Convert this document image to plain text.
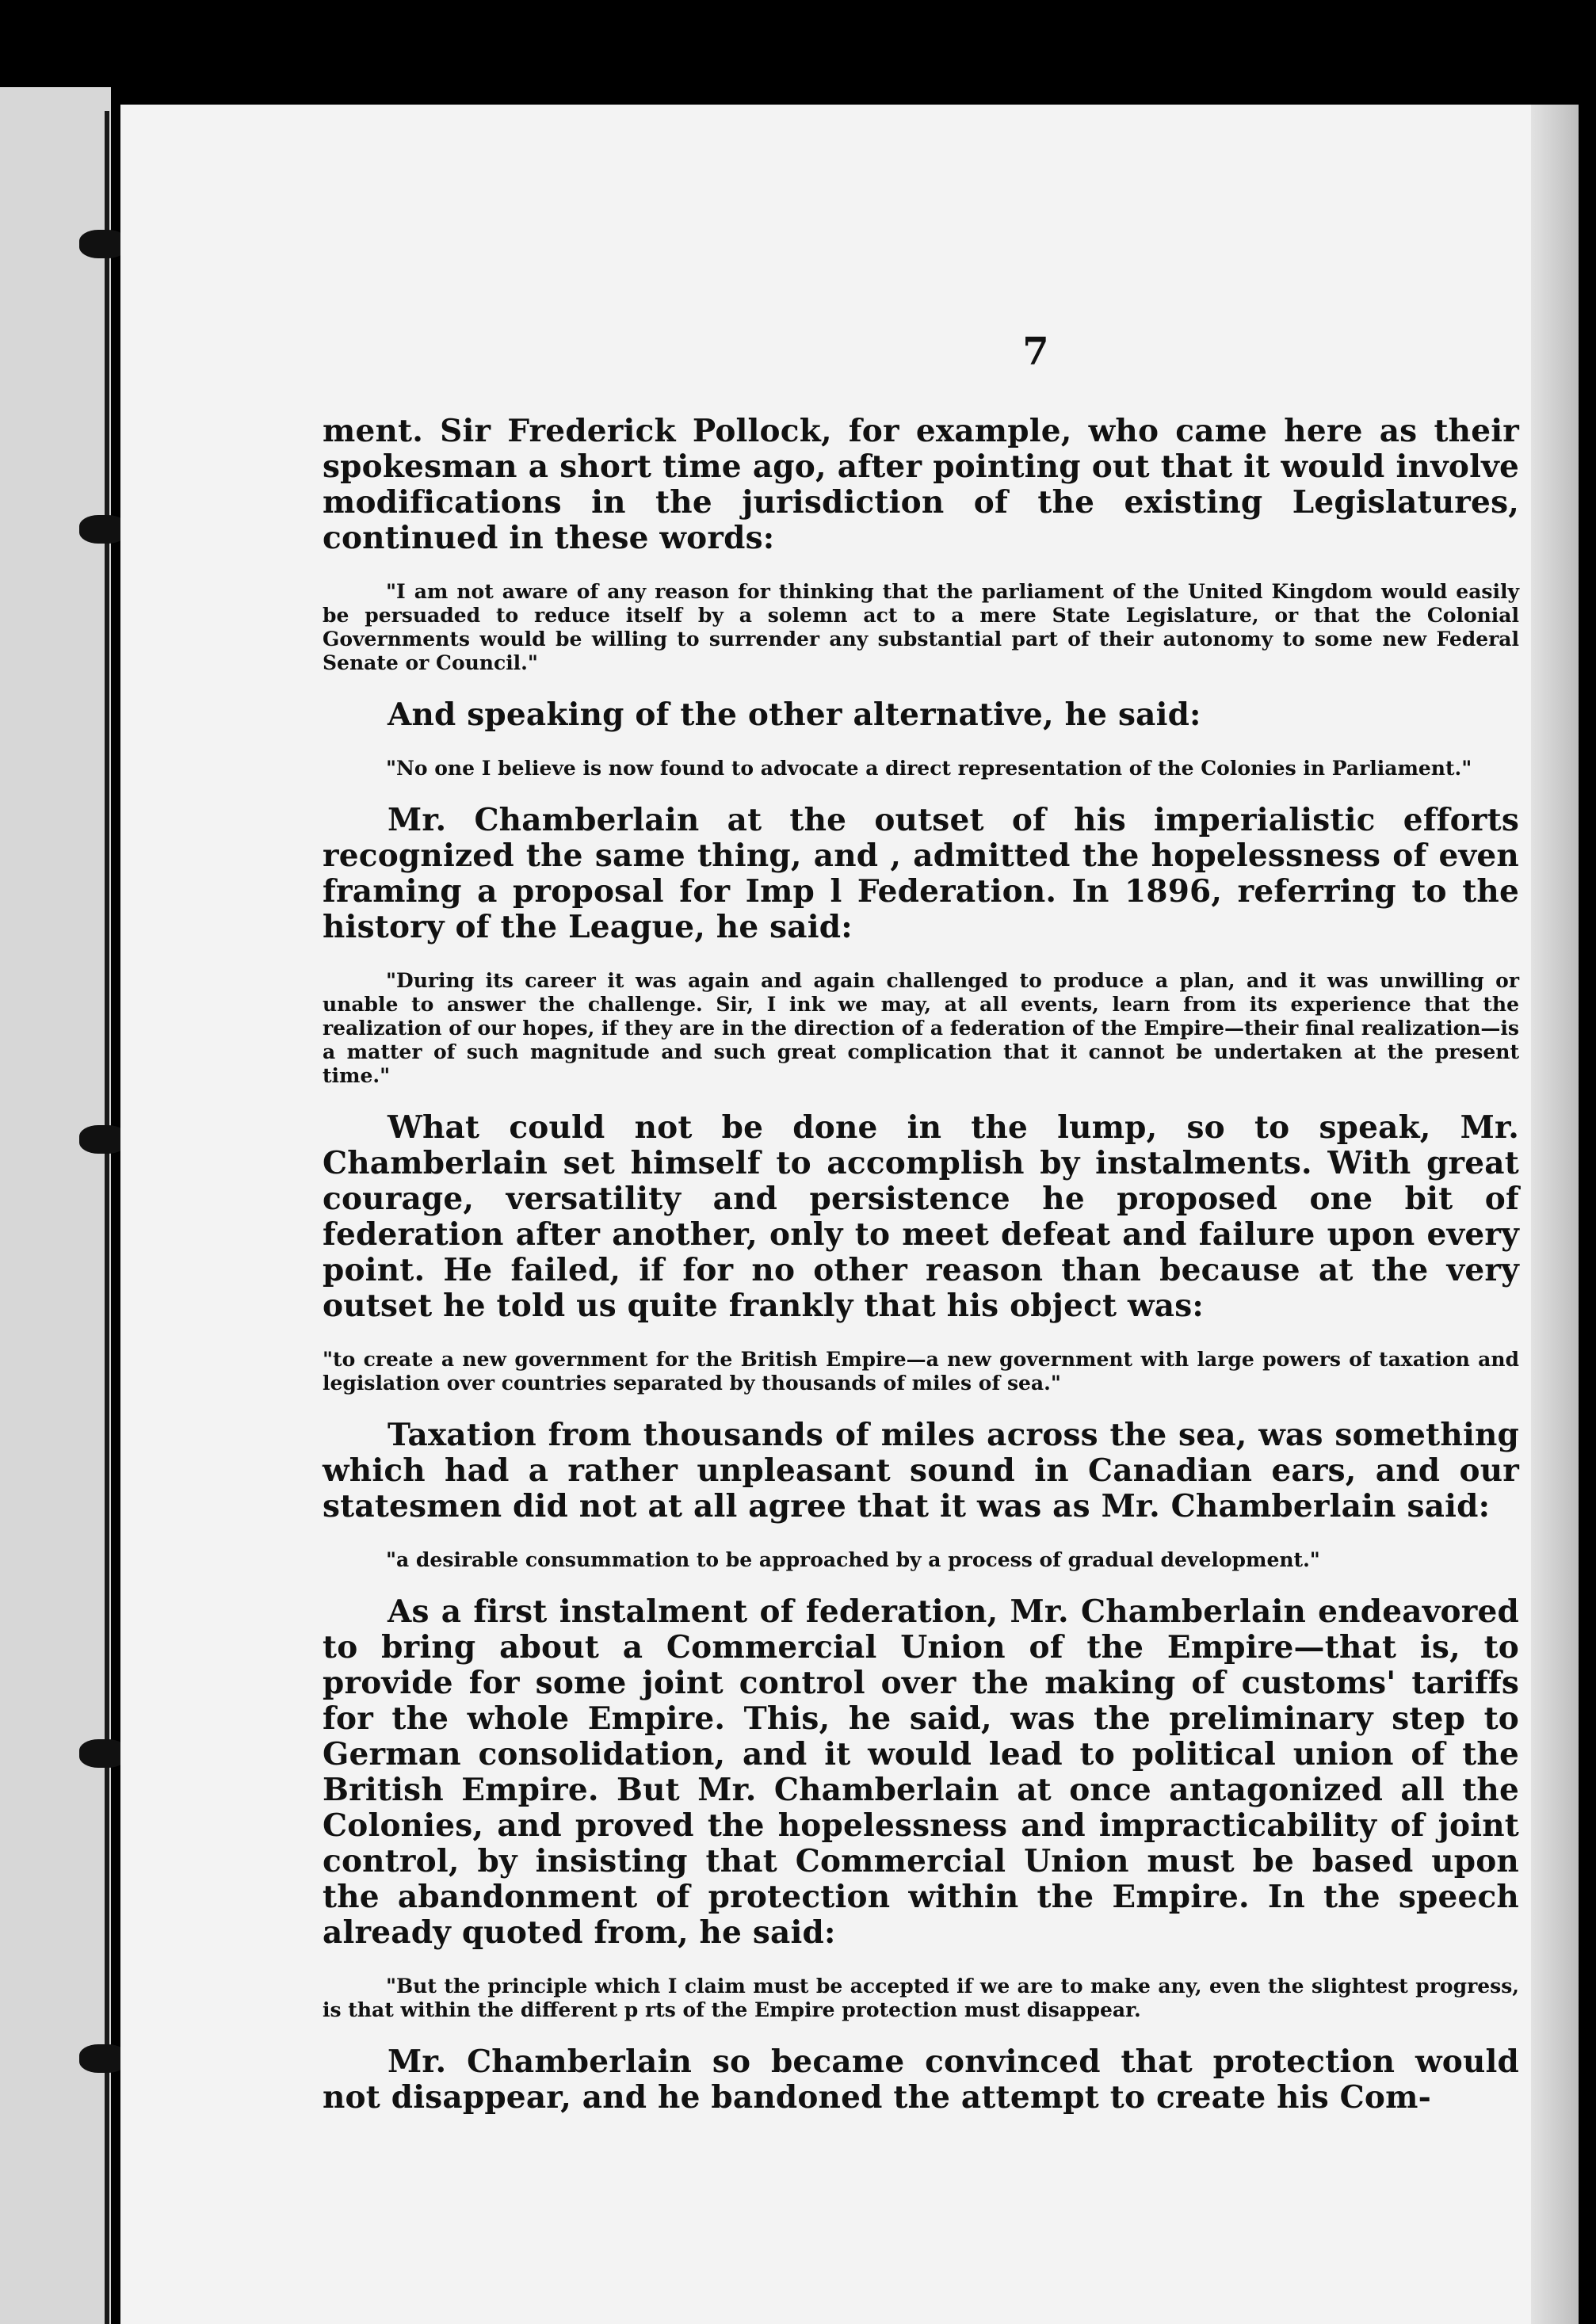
7

ment. Sir Frederick Pollock, for example, who came here as their spokesman a short time ago, after pointing out that it would involve modifications in the jurisdiction of the existing Legislatures, continued in these words:

"I am not aware of any reason for thinking that the parliament of the United Kingdom would easily be persuaded to reduce itself by a solemn act to a mere State Legislature, or that the Colonial Governments would be willing to surrender any substantial part of their autonomy to some new Federal Senate or Council."

And speaking of the other alternative, he said:

"No one I believe is now found to advocate a direct representation of the Colonies in Parliament."

Mr. Chamberlain at the outset of his imperialistic efforts recognized the same thing, and , admitted the hopelessness of even framing a proposal for Imp l Federation. In 1896, referring to the history of the League, he said:

"During its career it was again and again challenged to produce a plan, and it was unwilling or unable to answer the challenge. Sir, I ink we may, at all events, learn from its experience that the realization of our hopes, if they are in the direction of a federation of the Empire—their final realization—is a matter of such magnitude and such great complication that it cannot be undertaken at the present time."

What could not be done in the lump, so to speak, Mr. Chamberlain set himself to accomplish by instalments. With great courage, versatility and persistence he proposed one bit of federation after another, only to meet defeat and failure upon every point. He failed, if for no other reason than because at the very outset he told us quite frankly that his object was:

"to create a new government for the British Empire—a new government with large powers of taxation and legislation over countries separated by thousands of miles of sea."

Taxation from thousands of miles across the sea, was something which had a rather unpleasant sound in Canadian ears, and our statesmen did not at all agree that it was as Mr. Chamberlain said:

"a desirable consummation to be approached by a process of gradual development."

As a first instalment of federation, Mr. Chamberlain endeavored to bring about a Commercial Union of the Empire—that is, to provide for some joint control over the making of customs' tariffs for the whole Empire. This, he said, was the preliminary step to German consolidation, and it would lead to political union of the British Empire. But Mr. Chamberlain at once antagonized all the Colonies, and proved the hopelessness and impracticability of joint control, by insisting that Commercial Union must be based upon the abandonment of protection within the Empire. In the speech already quoted from, he said:

"But the principle which I claim must be accepted if we are to make any, even the slightest progress, is that within the different p rts of the Empire protection must disappear.

Mr. Chamberlain so became convinced that protection would not disappear, and he bandoned the attempt to create his Com-
